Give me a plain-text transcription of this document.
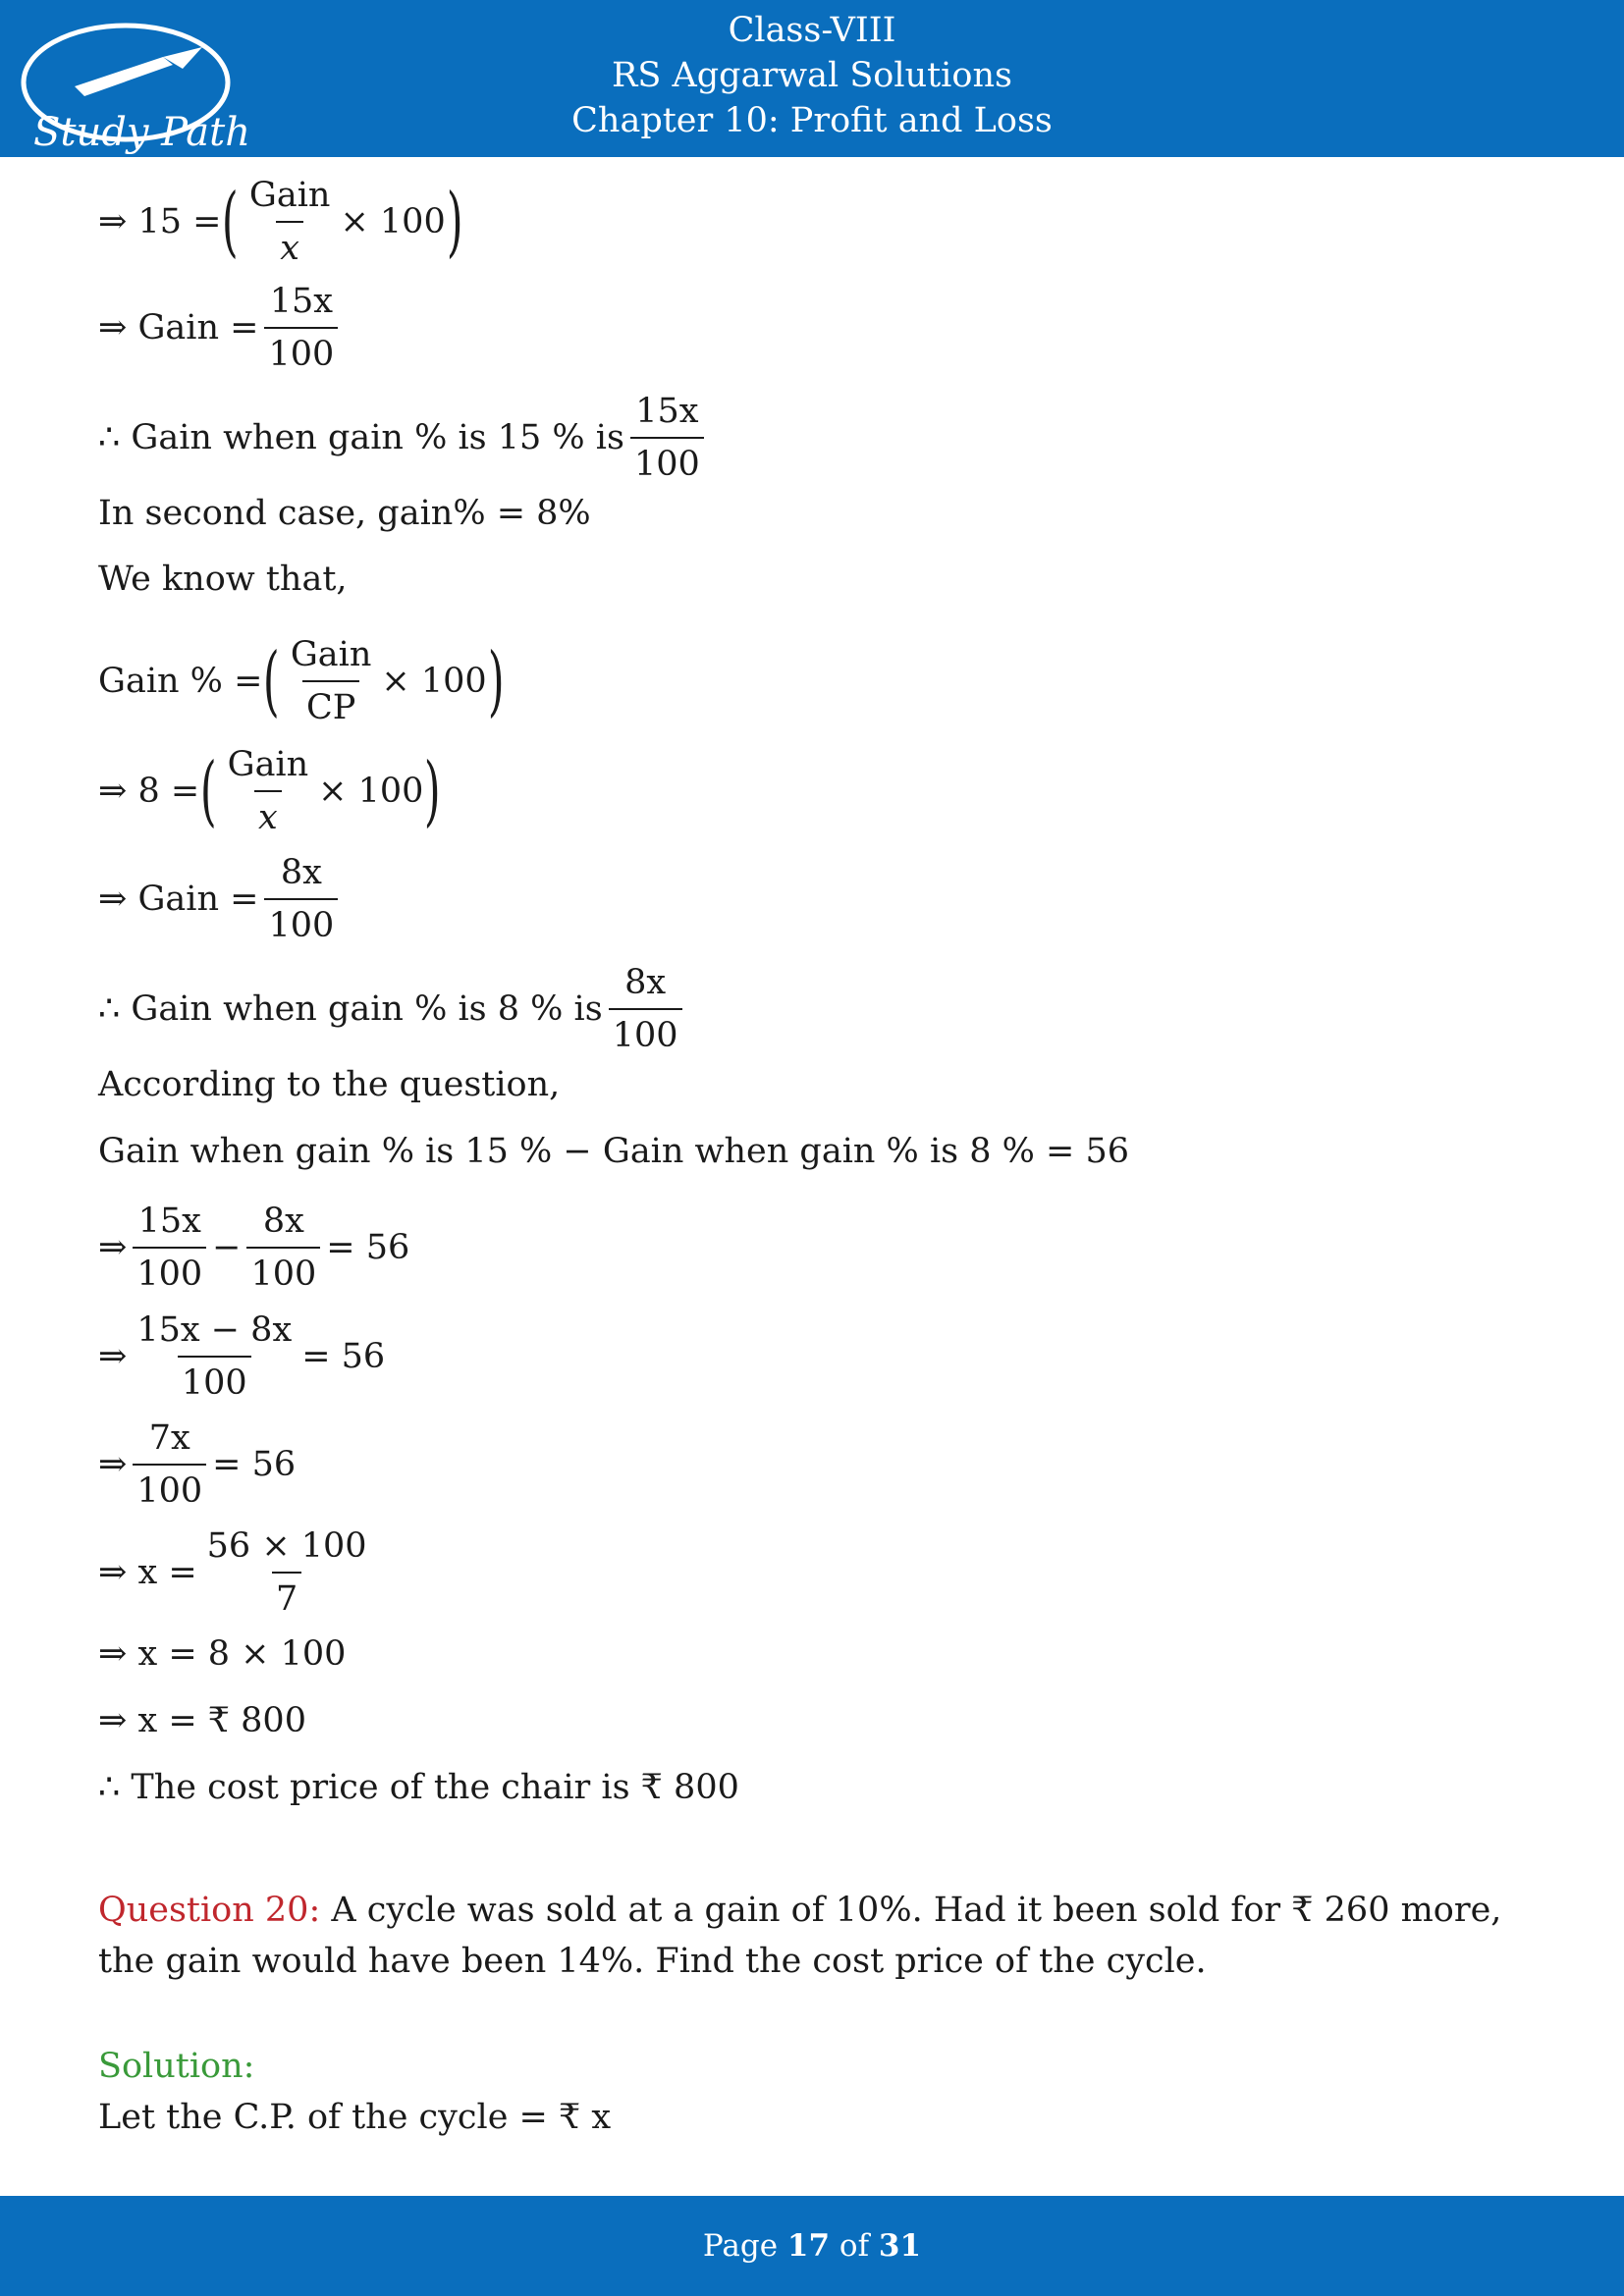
Study Path
Class-VIII
RS Aggarwal Solutions
Chapter 10: Profit and Loss
⇒ 15 = ( $\frac{\text{Gain}}{x} \times 100$ )
⇒ Gain = $\frac{15x}{100}$
∴ Gain when gain % is 15 % is $\frac{15x}{100}$
In second case, gain% = 8%
We know that,
Gain % = ( $\frac{\text{Gain}}{CP} \times 100$ )
⇒ 8 = ( $\frac{\text{Gain}}{x} \times 100$ )
⇒ Gain = $\frac{8x}{100}$
∴ Gain when gain % is 8 % is $\frac{8x}{100}$
According to the question,
Gain when gain % is 15 % − Gain when gain % is 8 % = 56
⇒ $\frac{15x}{100} - \frac{8x}{100} = 56$
⇒ $\frac{15x - 8x}{100} = 56$
⇒ $\frac{7x}{100} = 56$
⇒ $x = \frac{56 \times 100}{7}$
⇒ x = 8 × 100
⇒ x = ₹ 800
∴ The cost price of the chair is ₹ 800
Question 20: A cycle was sold at a gain of 10%. Had it been sold for ₹ 260 more, the gain would have been 14%. Find the cost price of the cycle.
Solution:
Let the C.P. of the cycle = ₹ x
Page 17 of 31
